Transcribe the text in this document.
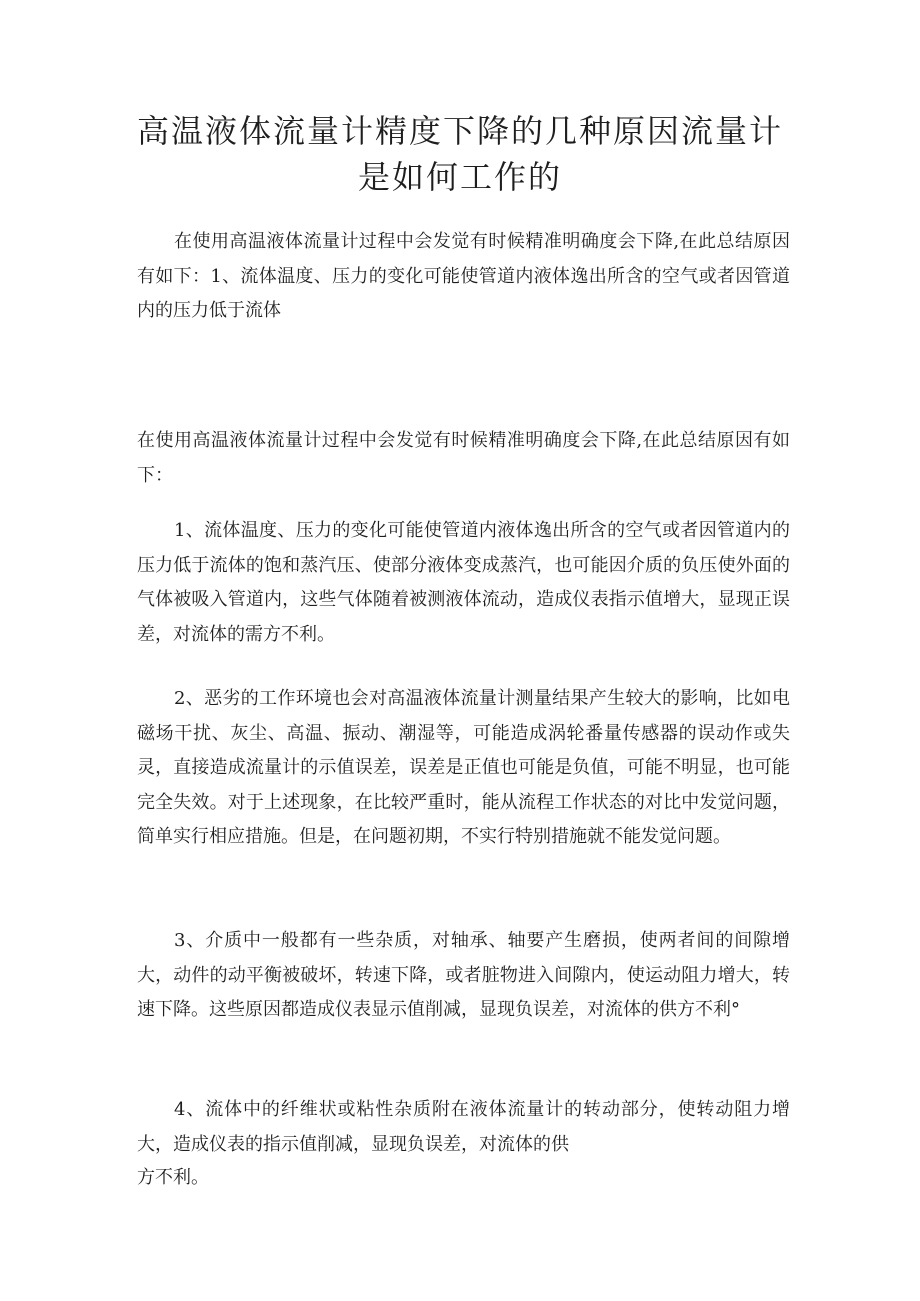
高温液体流量计精度下降的几种原因流量计
是如何工作的

在使用高温液体流量计过程中会发觉有时候精准明确度会下降,在此总结原因有如下：1、流体温度、压力的变化可能使管道内液体逸出所含的空气或者因管道内的压力低于流体

在使用高温液体流量计过程中会发觉有时候精准明确度会下降,在此总结原因有如下：

1、流体温度、压力的变化可能使管道内液体逸出所含的空气或者因管道内的压力低于流体的饱和蒸汽压、使部分液体变成蒸汽，也可能因介质的负压使外面的气体被吸入管道内，这些气体随着被测液体流动，造成仪表指示值增大，显现正误差，对流体的需方不利。

2、恶劣的工作环境也会对高温液体流量计测量结果产生较大的影响，比如电磁场干扰、灰尘、高温、振动、潮湿等，可能造成涡轮番量传感器的误动作或失灵，直接造成流量计的示值误差，误差是正值也可能是负值，可能不明显，也可能完全失效。对于上述现象，在比较严重时，能从流程工作状态的对比中发觉问题，简单实行相应措施。但是，在问题初期，不实行特别措施就不能发觉问题。

3、介质中一般都有一些杂质，对轴承、轴要产生磨损，使两者间的间隙增大，动件的动平衡被破坏，转速下降，或者脏物进入间隙内，使运动阻力增大，转速下降。这些原因都造成仪表显示值削减，显现负误差，对流体的供方不利°

4、流体中的纤维状或粘性杂质附在液体流量计的转动部分，使转动阻力增大，造成仪表的指示值削减，显现负误差，对流体的供

方不利。
